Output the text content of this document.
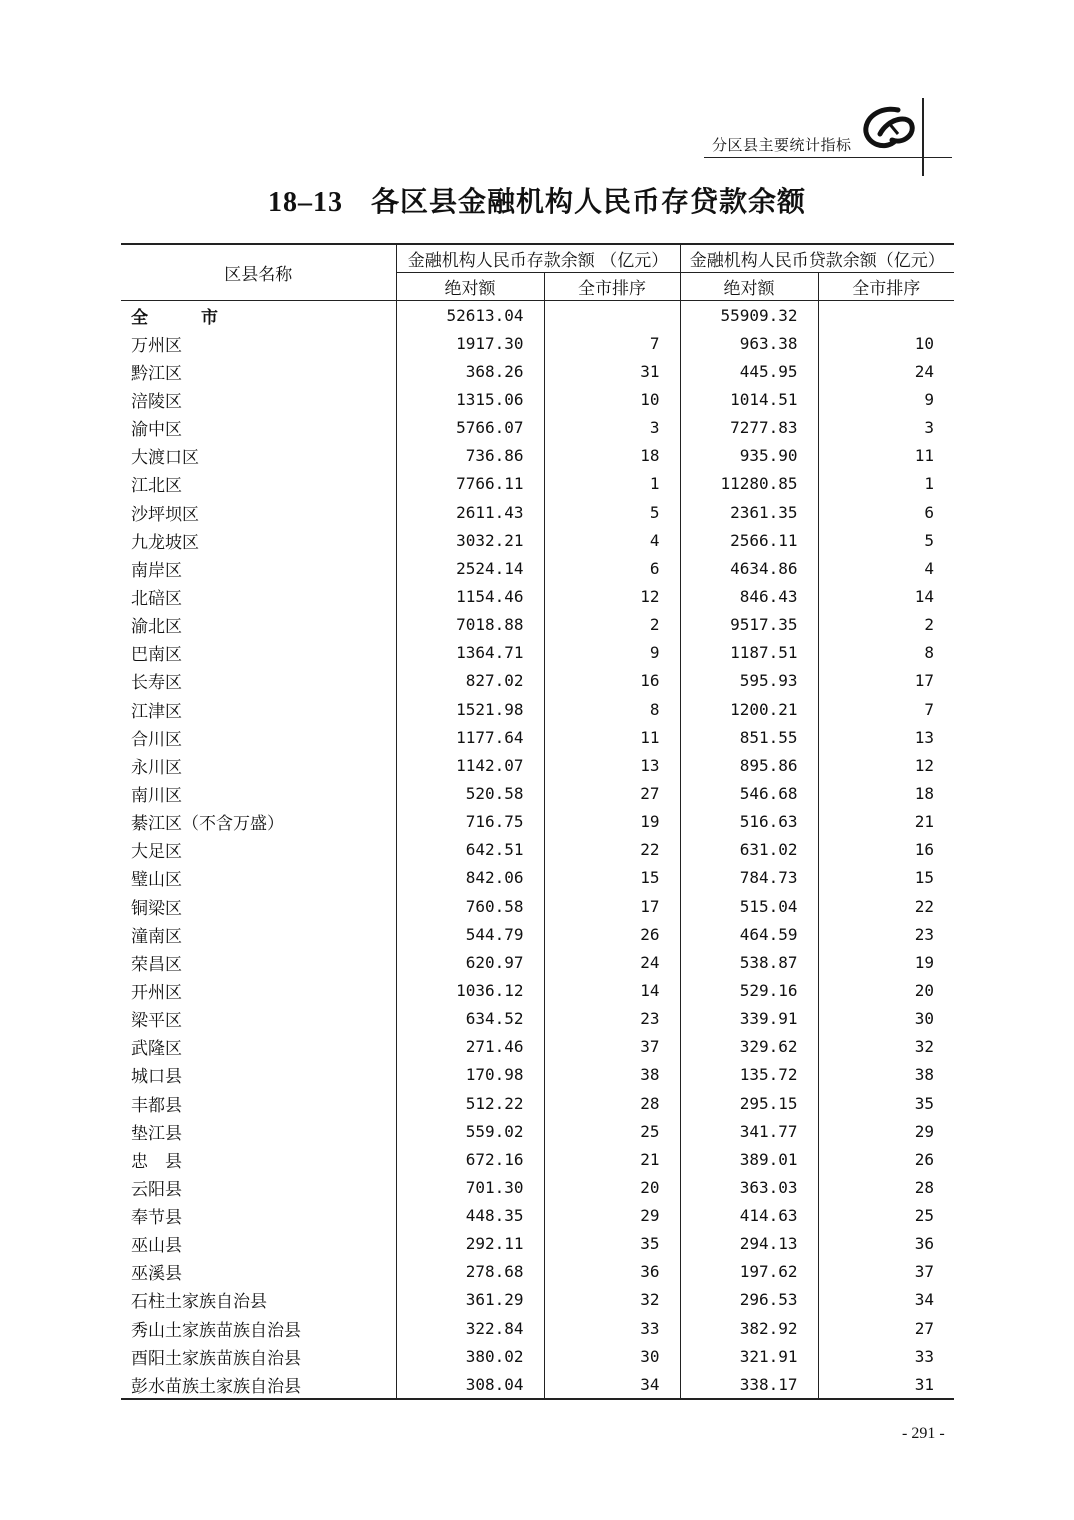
分区县主要统计指标
18–13 各区县金融机构人民币存贷款余额
区县名称	金融机构人民币存款余额 （亿元）		金融机构人民币贷款余额（亿元）	
	绝对额	全市排序	绝对额	全市排序
全　市	52613.04		55909.32	
万州区	1917.30	7	963.38	10
黔江区	368.26	31	445.95	24
涪陵区	1315.06	10	1014.51	9
渝中区	5766.07	3	7277.83	3
大渡口区	736.86	18	935.90	11
江北区	7766.11	1	11280.85	1
沙坪坝区	2611.43	5	2361.35	6
九龙坡区	3032.21	4	2566.11	5
南岸区	2524.14	6	4634.86	4
北碚区	1154.46	12	846.43	14
渝北区	7018.88	2	9517.35	2
巴南区	1364.71	9	1187.51	8
长寿区	827.02	16	595.93	17
江津区	1521.98	8	1200.21	7
合川区	1177.64	11	851.55	13
永川区	1142.07	13	895.86	12
南川区	520.58	27	546.68	18
綦江区（不含万盛）	716.75	19	516.63	21
大足区	642.51	22	631.02	16
璧山区	842.06	15	784.73	15
铜梁区	760.58	17	515.04	22
潼南区	544.79	26	464.59	23
荣昌区	620.97	24	538.87	19
开州区	1036.12	14	529.16	20
梁平区	634.52	23	339.91	30
武隆区	271.46	37	329.62	32
城口县	170.98	38	135.72	38
丰都县	512.22	28	295.15	35
垫江县	559.02	25	341.77	29
忠　县	672.16	21	389.01	26
云阳县	701.30	20	363.03	28
奉节县	448.35	29	414.63	25
巫山县	292.11	35	294.13	36
巫溪县	278.68	36	197.62	37
石柱土家族自治县	361.29	32	296.53	34
秀山土家族苗族自治县	322.84	33	382.92	27
酉阳土家族苗族自治县	380.02	30	321.91	33
彭水苗族土家族自治县	308.04	34	338.17	31
- 291 -
